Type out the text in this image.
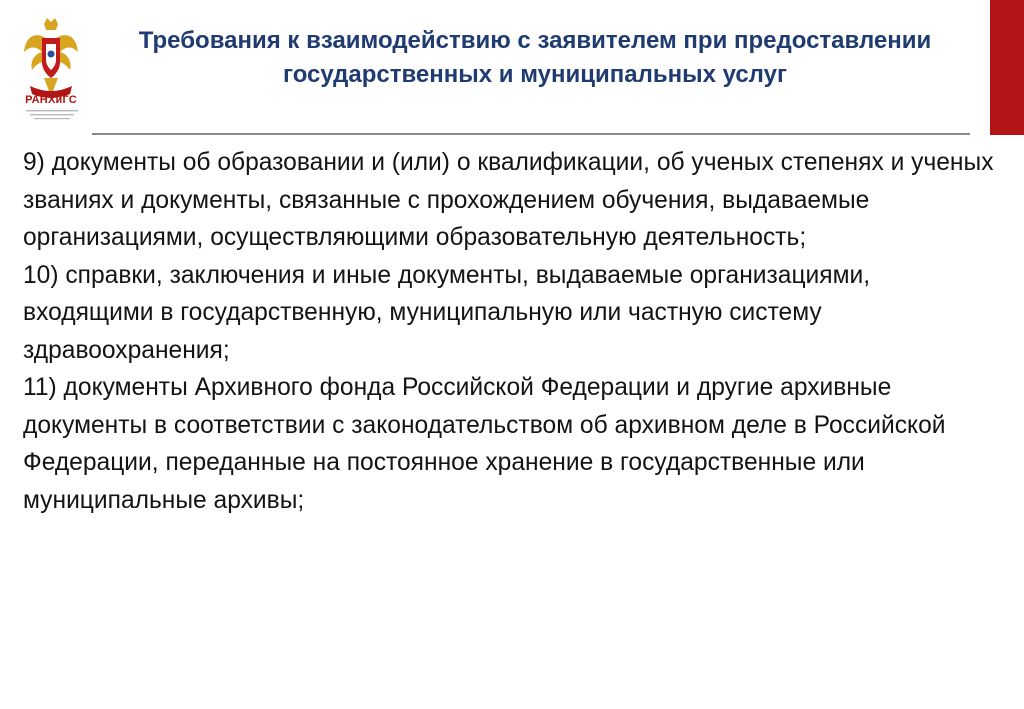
РАНХиГС
Требования к взаимодействию с заявителем при предоставлении государственных и муниципальных услуг

9) документы об образовании и (или) о квалификации, об ученых степенях и ученых званиях и документы, связанные с прохождением обучения, выдаваемые организациями, осуществляющими образовательную деятельность;

10) справки, заключения и иные документы, выдаваемые организациями, входящими в государственную, муниципальную или частную систему здравоохранения;

11) документы Архивного фонда Российской Федерации и другие архивные документы в соответствии с законодательством об архивном деле в Российской Федерации, переданные на постоянное хранение в государственные или муниципальные архивы;
